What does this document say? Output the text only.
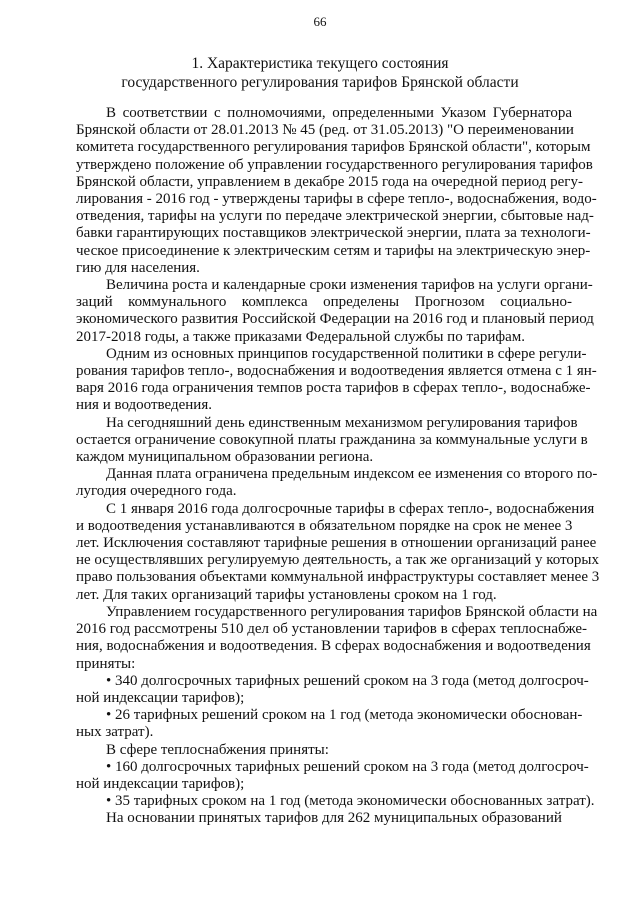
66
1. Характеристика текущего состояния
государственного регулирования тарифов Брянской области
В соответствии с полномочиями, определенными Указом Губернатора
Брянской области от 28.01.2013 № 45 (ред. от 31.05.2013) "О переименовании
комитета государственного регулирования тарифов Брянской области", которым
утверждено положение об управлении государственного регулирования тарифов
Брянской области, управлением в декабре 2015 года на очередной период регу-
лирования - 2016 год - утверждены тарифы в сфере тепло-, водоснабжения, водо-
отведения, тарифы на услуги по передаче электрической энергии, сбытовые над-
бавки гарантирующих поставщиков электрической энергии, плата за технологи-
ческое присоединение к электрическим сетям и тарифы на электрическую энер-
гию для населения.
Величина роста и календарные сроки изменения тарифов на услуги органи-
заций коммунального комплекса определены Прогнозом социально-
экономического развития Российской Федерации на 2016 год и плановый период
2017-2018 годы, а также приказами Федеральной службы по тарифам.
Одним из основных принципов государственной политики в сфере регули-
рования тарифов тепло-, водоснабжения и водоотведения является отмена с 1 ян-
варя 2016 года ограничения темпов роста тарифов в сферах тепло-, водоснабже-
ния и водоотведения.
На сегодняшний день единственным механизмом регулирования тарифов
остается ограничение совокупной платы гражданина за коммунальные услуги в
каждом муниципальном образовании региона.
Данная плата ограничена предельным индексом ее изменения со второго по-
лугодия очередного года.
С 1 января 2016 года долгосрочные тарифы в сферах тепло-, водоснабжения
и водоотведения устанавливаются в обязательном порядке на срок не менее 3
лет. Исключения составляют тарифные решения в отношении организаций ранее
не осуществлявших регулируемую деятельность, а так же организаций у которых
право пользования объектами коммунальной инфраструктуры составляет менее 3
лет. Для таких организаций тарифы установлены сроком на 1 год.
Управлением государственного регулирования тарифов Брянской области на
2016 год рассмотрены 510 дел об установлении тарифов в сферах теплоснабже-
ния, водоснабжения и водоотведения. В сферах водоснабжения и водоотведения
приняты:
• 340 долгосрочных тарифных решений сроком на 3 года (метод долгосроч-
ной индексации тарифов);
• 26 тарифных решений сроком на 1 год (метода экономически обоснован-
ных затрат).
В сфере теплоснабжения приняты:
• 160 долгосрочных тарифных решений сроком на 3 года (метод долгосроч-
ной индексации тарифов);
• 35 тарифных сроком на 1 год (метода экономически обоснованных затрат).
На основании принятых тарифов для 262 муниципальных образований
